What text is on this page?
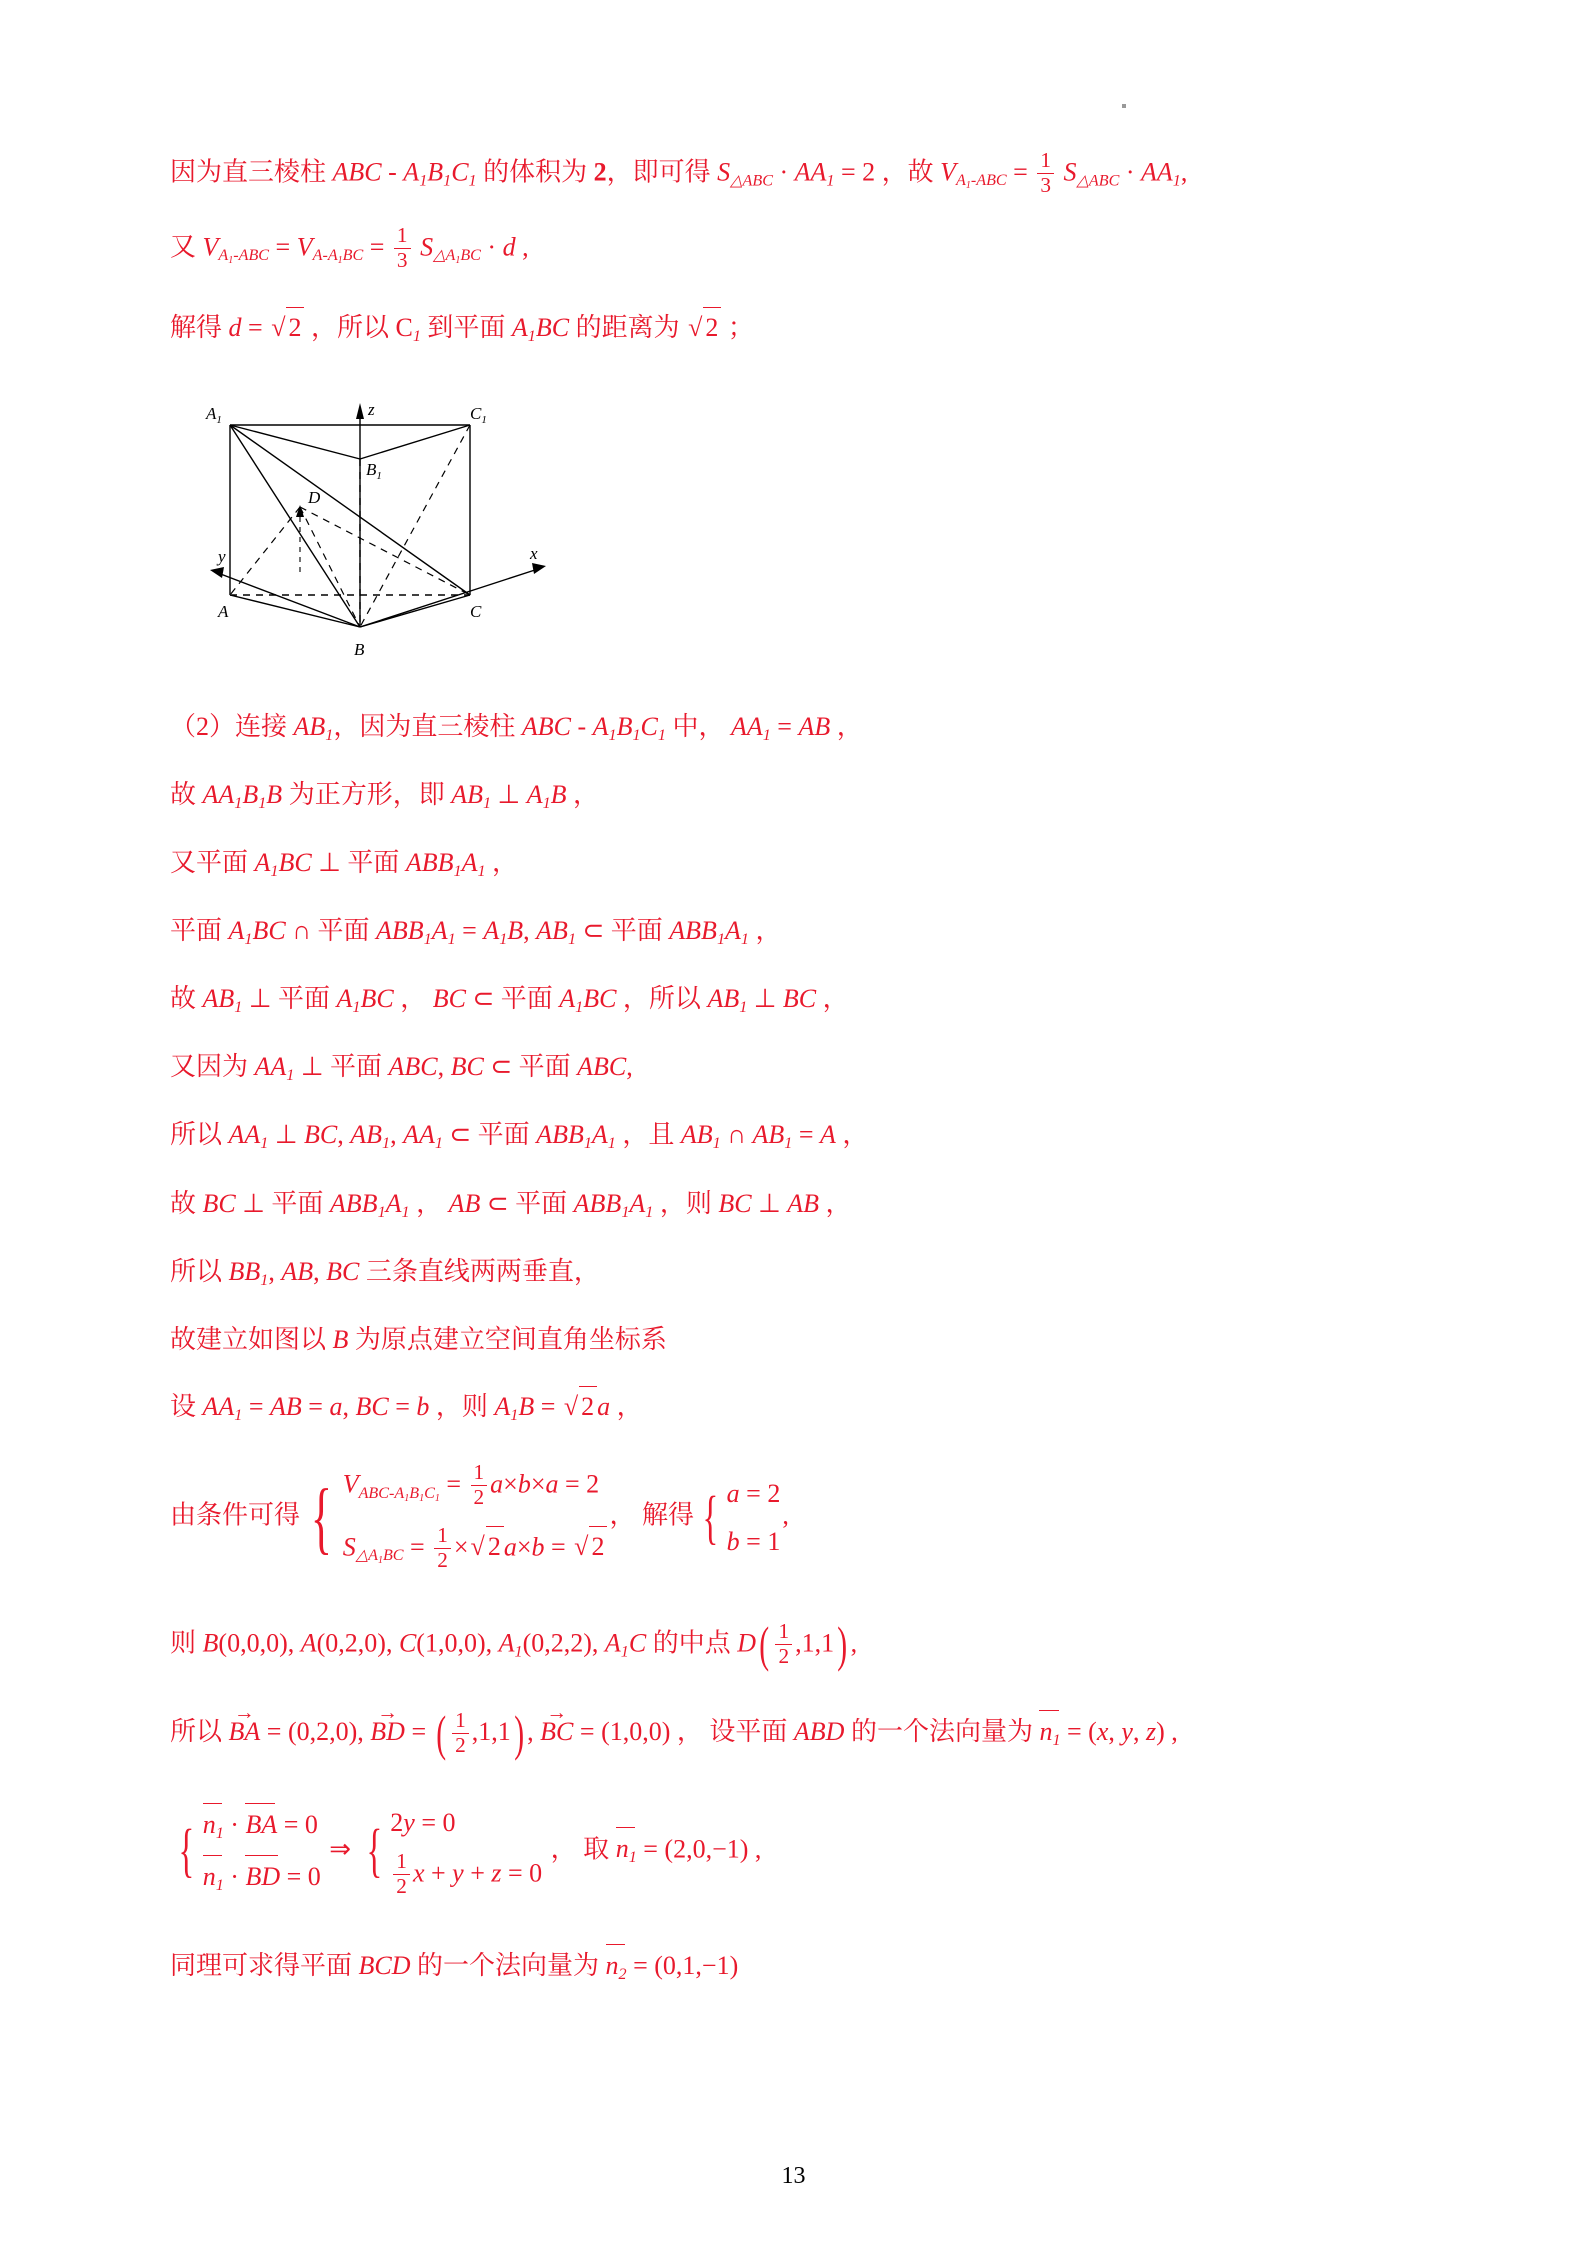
因为直三棱柱 ABC - $A_1B_1C_1$ 的体积为 2，即可得 $S_{\triangle ABC} \cdot AA_1 = 2$ ，故 $V_{A_1-ABC} = \frac{1}{3} S_{\triangle ABC} \cdot AA_1$,
又 $V_{A_1-ABC} = V_{A-A_1BC} = \frac{1}{3} S_{\triangle A_1BC} \cdot d$ ,
解得 d = √ 2 ，所以 $C_1$ 到平面 $A_1BC$ 的距离为 √ 2 ；
z
y	x
$A_1$	$C_1$
$B_1$
D
A	C
B
（2）连接 $AB_1$，因为直三棱柱 ABC - $A_1B_1C_1$ 中， $AA_1$ = AB ，
故 $AA_1B_1B$ 为正方形，即 $AB_1$ ⊥ $A_1B$ ，
又平面 $A_1BC$ ⊥ 平面 $ABB_1A_1$ ，
平面 $A_1BC$ ∩ 平面 $ABB_1A_1 = A_1B$, $AB_1$ ⊂ 平面 $ABB_1A_1$ ，
故 $AB_1$ ⊥ 平面 $A_1BC$ ， BC ⊂ 平面 $A_1BC$ ，所以 $AB_1$ ⊥ BC ，
又因为 $AA_1$ ⊥ 平面 ABC, BC ⊂ 平面 ABC,
所以 $AA_1$ ⊥ BC, $AB_1$, $AA_1$ ⊂ 平面 $ABB_1A_1$ ，且 $AB_1$ ∩ $AB_1 = A$ ，
故 BC ⊥ 平面 $ABB_1A_1$ ， AB ⊂ 平面 $ABB_1A_1$ ，则 BC ⊥ AB ，
所以 $BB_1$, AB, BC 三条直线两两垂直，
故建立如图以 B 为原点建立空间直角坐标系
设 $AA_1$ = AB = a, BC = b ，则 $A_1B$ = √ 2 a ，
由条件可得 { $V_{ABC-A_1B_1C_1} = \frac{1}{2} a\times b\times a = 2$
$S_{\triangle A_1BC} = \frac{1}{2}$ ×√ 2 a×b = √ 2
， 解得 { a = 2
b = 1
,
则 B(0,0,0), A(0,2,0), C(1,0,0), $A_1(0,2,2)$, $A_1C$ 的中点 $D( \frac{1}{2} ,1,1)$ ,
所以 BA → = (0,2,0), BD → = ( $\frac{1}{2} ,1,1$) , BC → = (1,0,0) ， 设平面 ABD 的一个法向量为 $n_1 = (x$, y, z) ,
{ $n_1$ · BA = 0
$n_1$ · BD = 0
⇒ { 2y = 0
$\frac{1}{2}$ x + y + z = 0
， 取 $n_1 = (2,0,-1)$ ,
同理可求得平面 BCD 的一个法向量为 $n_2 = (0,1,-1)$
13
